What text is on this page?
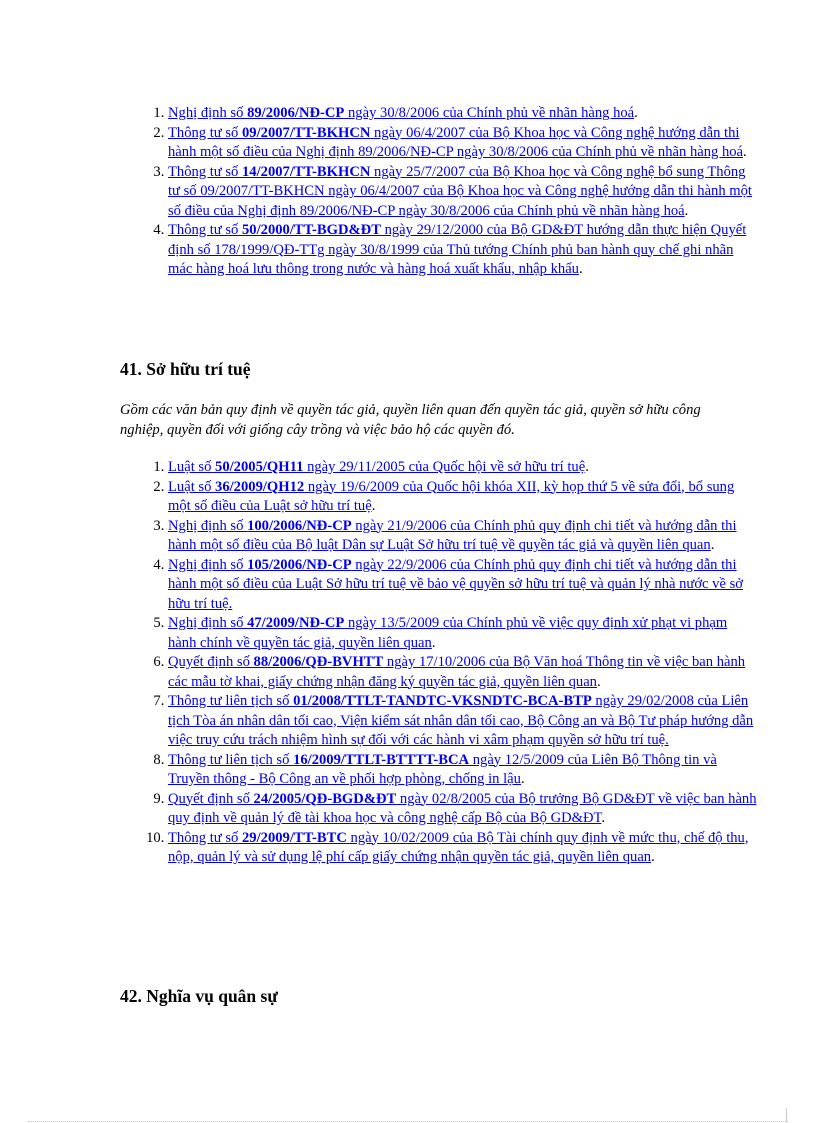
1. Nghị định số 89/2006/NĐ-CP ngày 30/8/2006 của Chính phủ về nhãn hàng hoá.
2. Thông tư số 09/2007/TT-BKHCN ngày 06/4/2007 của Bộ Khoa học và Công nghệ hướng dẫn thi hành một số điều của Nghị định 89/2006/NĐ-CP ngày 30/8/2006 của Chính phủ về nhãn hàng hoá.
3. Thông tư số 14/2007/TT-BKHCN ngày 25/7/2007 của Bộ Khoa học và Công nghệ bổ sung Thông tư số 09/2007/TT-BKHCN ngày 06/4/2007 của Bộ Khoa học và Công nghệ hướng dẫn thi hành một số điều của Nghị định 89/2006/NĐ-CP ngày 30/8/2006 của Chính phủ về nhãn hàng hoá.
4. Thông tư số 50/2000/TT-BGD&ĐT ngày 29/12/2000 của Bộ GD&ĐT hướng dẫn thực hiện Quyết định số 178/1999/QĐ-TTg ngày 30/8/1999 của Thủ tướng Chính phủ ban hành quy chế ghi nhãn mác hàng hoá lưu thông trong nước và hàng hoá xuất khẩu, nhập khẩu.
41. Sở hữu trí tuệ

Gồm các văn bản quy định về quyền tác giả, quyền liên quan đến quyền tác giả, quyền sở hữu công nghiệp, quyền đối với giống cây trồng và việc bảo hộ các quyền đó.

1. Luật số 50/2005/QH11 ngày 29/11/2005 của Quốc hội về sở hữu trí tuệ.
2. Luật số 36/2009/QH12 ngày 19/6/2009 của Quốc hội khóa XII, kỳ họp thứ 5 về sửa đổi, bổ sung một số điều của Luật sở hữu trí tuệ.
3. Nghị định số 100/2006/NĐ-CP ngày 21/9/2006 của Chính phủ quy định chi tiết và hướng dẫn thi hành một số điều của Bộ luật Dân sự Luật Sở hữu trí tuệ về quyền tác giả và quyền liên quan.
4. Nghị định số 105/2006/NĐ-CP ngày 22/9/2006 của Chính phủ quy định chi tiết và hướng dẫn thi hành một số điều của Luật Sở hữu trí tuệ về bảo vệ quyền sở hữu trí tuệ và quản lý nhà nước về sở hữu trí tuệ.
5. Nghị định số 47/2009/NĐ-CP ngày 13/5/2009 của Chính phủ về việc quy định xử phạt vi phạm hành chính về quyền tác giả, quyền liên quan.
6. Quyết định số 88/2006/QĐ-BVHTT ngày 17/10/2006 của Bộ Văn hoá Thông tin về việc ban hành các mẫu tờ khai, giấy chứng nhận đăng ký quyền tác giả, quyền liên quan.
7. Thông tư liên tịch số 01/2008/TTLT-TANDTC-VKSNDTC-BCA-BTP ngày 29/02/2008 của Liên tịch Tòa án nhân dân tối cao, Viện kiểm sát nhân dân tối cao, Bộ Công an và Bộ Tư pháp hướng dẫn việc truy cứu trách nhiệm hình sự đối với các hành vi xâm phạm quyền sở hữu trí tuệ.
8. Thông tư liên tịch số 16/2009/TTLT-BTTTT-BCA ngày 12/5/2009 của Liên Bộ Thông tin và Truyền thông - Bộ Công an về phối hợp phòng, chống in lậu.
9. Quyết định số 24/2005/QĐ-BGD&ĐT ngày 02/8/2005 của Bộ trưởng Bộ GD&ĐT về việc ban hành quy định về quản lý đề tài khoa học và công nghệ cấp Bộ của Bộ GD&ĐT.
10. Thông tư số 29/2009/TT-BTC ngày 10/02/2009 của Bộ Tài chính quy định về mức thu, chế độ thu, nộp, quản lý và sử dụng lệ phí cấp giấy chứng nhận quyền tác giả, quyền liên quan.
42. Nghĩa vụ quân sự
